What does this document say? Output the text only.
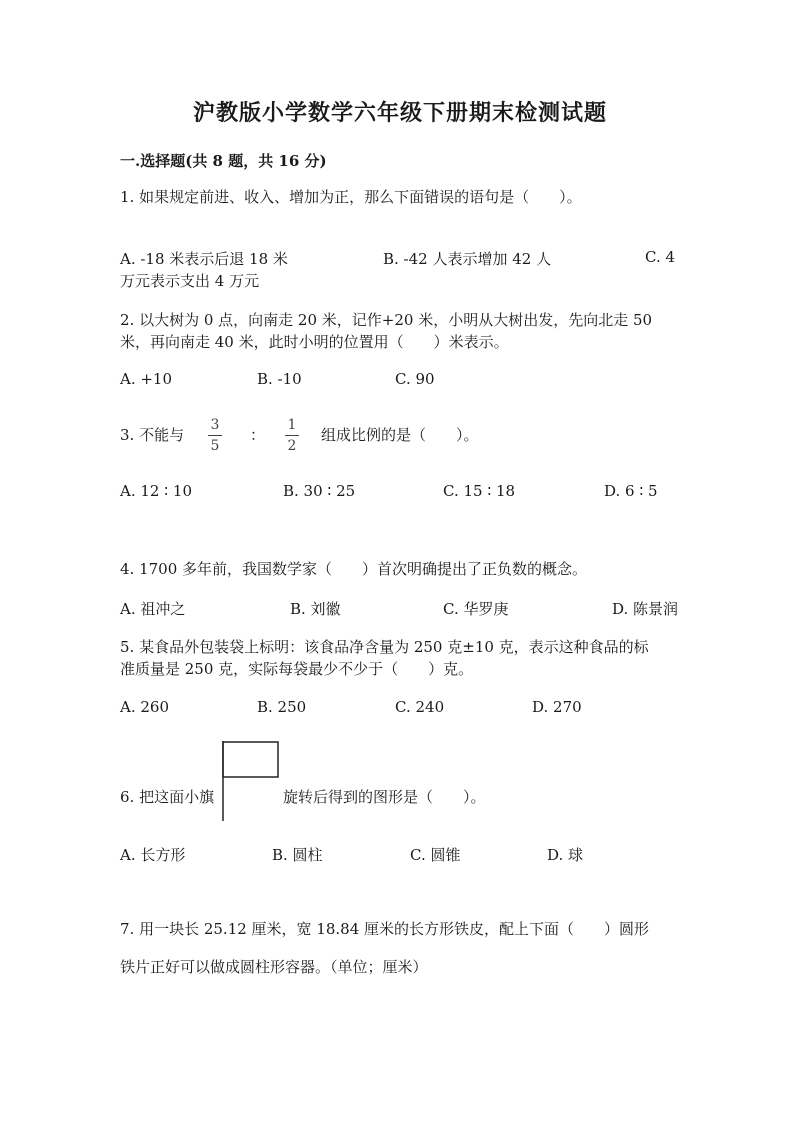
沪教版小学数学六年级下册期末检测试题
一.选择题(共 8 题，共 16 分)
1. 如果规定前进、收入、增加为正，那么下面错误的语句是（　　）。
A. -18 米表示后退 18 米	B. -42 人表示增加 42 人	C. 4
万元表示支出 4 万元
2. 以大树为 0 点，向南走 20 米，记作+20 米，小明从大树出发，先向北走 50
米，再向南走 40 米，此时小明的位置用（　　）米表示。
A. +10	B. -10	C. 90
3. 不能与
3
5
：
1
2
组成比例的是（　　）。
A. 12 ∶ 10	B. 30 ∶ 25	C. 15 ∶ 18	D. 6 ∶ 5
4. 1700 多年前，我国数学家（　　）首次明确提出了正负数的概念。
A. 祖冲之	B. 刘徽	C. 华罗庚	D. 陈景润
5. 某食品外包装袋上标明：该食品净含量为 250 克±10 克，表示这种食品的标
准质量是 250 克，实际每袋最少不少于（　　）克。
A. 260	B. 250	C. 240	D. 270
6. 把这面小旗	旋转后得到的图形是（　　）。
A. 长方形	B. 圆柱	C. 圆锥	D. 球
7. 用一块长 25.12 厘米，宽 18.84 厘米的长方形铁皮，配上下面（　　）圆形
铁片正好可以做成圆柱形容器。（单位；厘米）
